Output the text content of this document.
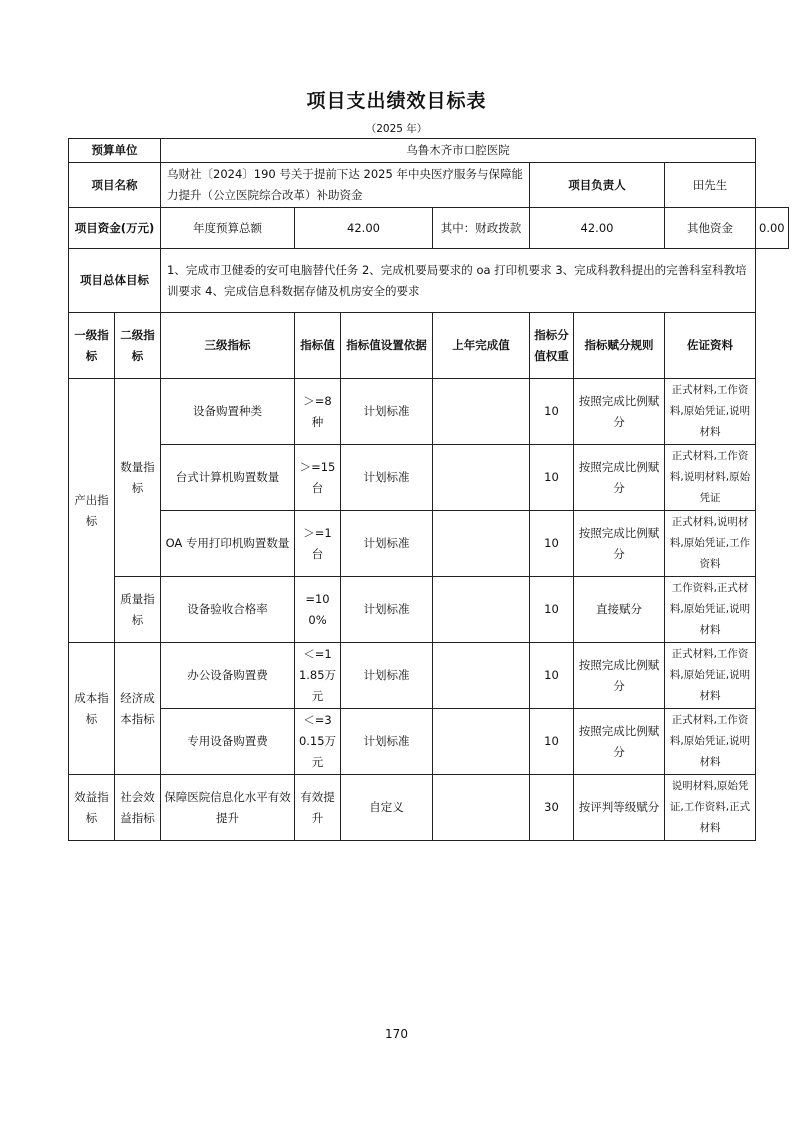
项目支出绩效目标表
（2025 年）
预算单位		乌鲁木齐市口腔医院							
项目名称		乌财社〔2024〕190 号关于提前下达 2025 年中央医疗服务与保障能力提升（公立医院综合改革）补助资金				项目负责人		田先生	
项目资金(万元)		年度预算总额	42.00		其中：财政拨款	42.00		其他资金	0.00
项目总体目标		1、完成市卫健委的安可电脑替代任务 2、完成机要局要求的 oa 打印机要求 3、完成科教科提出的完善科室科教培训要求 4、完成信息科数据存储及机房安全的要求							
一级指标	二级指标	三级指标	指标值	指标值设置依据	上年完成值	指标分值权重	指标赋分规则	佐证资料	
产出指标	数量指标	设备购置种类	＞=8种	计划标准		10	按照完成比例赋分	正式材料,工作资料,原始凭证,说明材料	
		台式计算机购置数量	＞=15台	计划标准		10	按照完成比例赋分	正式材料,工作资料,说明材料,原始凭证	
		OA 专用打印机购置数量	＞=1台	计划标准		10	按照完成比例赋分	正式材料,说明材料,原始凭证,工作资料	
	质量指标	设备验收合格率	=100%	计划标准		10	直接赋分	工作资料,正式材料,原始凭证,说明材料	
成本指标	经济成本指标	办公设备购置费	＜=11.85万元	计划标准		10	按照完成比例赋分	正式材料,工作资料,原始凭证,说明材料	
		专用设备购置费	＜=30.15万元	计划标准		10	按照完成比例赋分	正式材料,工作资料,原始凭证,说明材料	
效益指标	社会效益指标	保障医院信息化水平有效提升	有效提升	自定义		30	按评判等级赋分	说明材料,原始凭证,工作资料,正式材料	
170
